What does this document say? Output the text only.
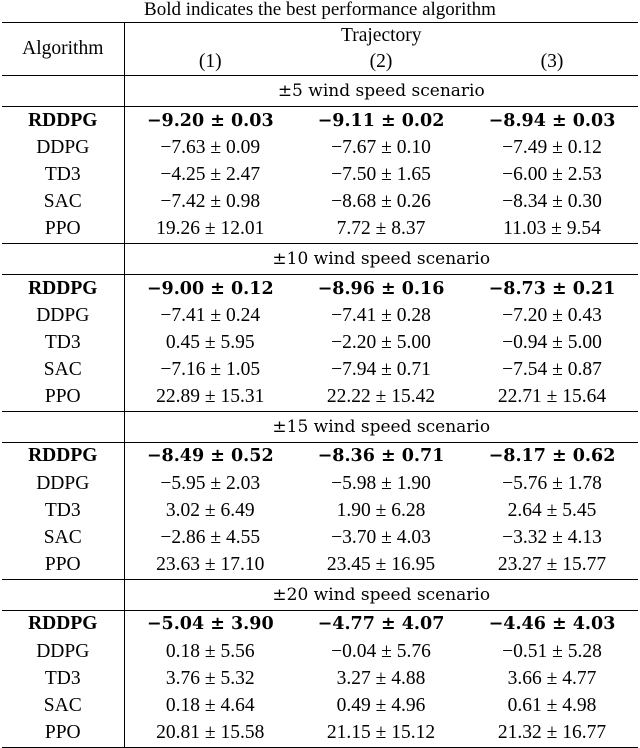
Bold indicates the best performance algorithm
Algorithm	Trajectory		
	(1)	(2)	(3)
	±5 wind speed scenario		
RDDPG	−9.20 ± 0.03	−9.11 ± 0.02	−8.94 ± 0.03
DDPG	−7.63 ± 0.09	−7.67 ± 0.10	−7.49 ± 0.12
TD3	−4.25 ± 2.47	−7.50 ± 1.65	−6.00 ± 2.53
SAC	−7.42 ± 0.98	−8.68 ± 0.26	−8.34 ± 0.30
PPO	19.26 ± 12.01	7.72 ± 8.37	11.03 ± 9.54
	±10 wind speed scenario		
RDDPG	−9.00 ± 0.12	−8.96 ± 0.16	−8.73 ± 0.21
DDPG	−7.41 ± 0.24	−7.41 ± 0.28	−7.20 ± 0.43
TD3	0.45 ± 5.95	−2.20 ± 5.00	−0.94 ± 5.00
SAC	−7.16 ± 1.05	−7.94 ± 0.71	−7.54 ± 0.87
PPO	22.89 ± 15.31	22.22 ± 15.42	22.71 ± 15.64
	±15 wind speed scenario		
RDDPG	−8.49 ± 0.52	−8.36 ± 0.71	−8.17 ± 0.62
DDPG	−5.95 ± 2.03	−5.98 ± 1.90	−5.76 ± 1.78
TD3	3.02 ± 6.49	1.90 ± 6.28	2.64 ± 5.45
SAC	−2.86 ± 4.55	−3.70 ± 4.03	−3.32 ± 4.13
PPO	23.63 ± 17.10	23.45 ± 16.95	23.27 ± 15.77
	±20 wind speed scenario		
RDDPG	−5.04 ± 3.90	−4.77 ± 4.07	−4.46 ± 4.03
DDPG	0.18 ± 5.56	−0.04 ± 5.76	−0.51 ± 5.28
TD3	3.76 ± 5.32	3.27 ± 4.88	3.66 ± 4.77
SAC	0.18 ± 4.64	0.49 ± 4.96	0.61 ± 4.98
PPO	20.81 ± 15.58	21.15 ± 15.12	21.32 ± 16.77
